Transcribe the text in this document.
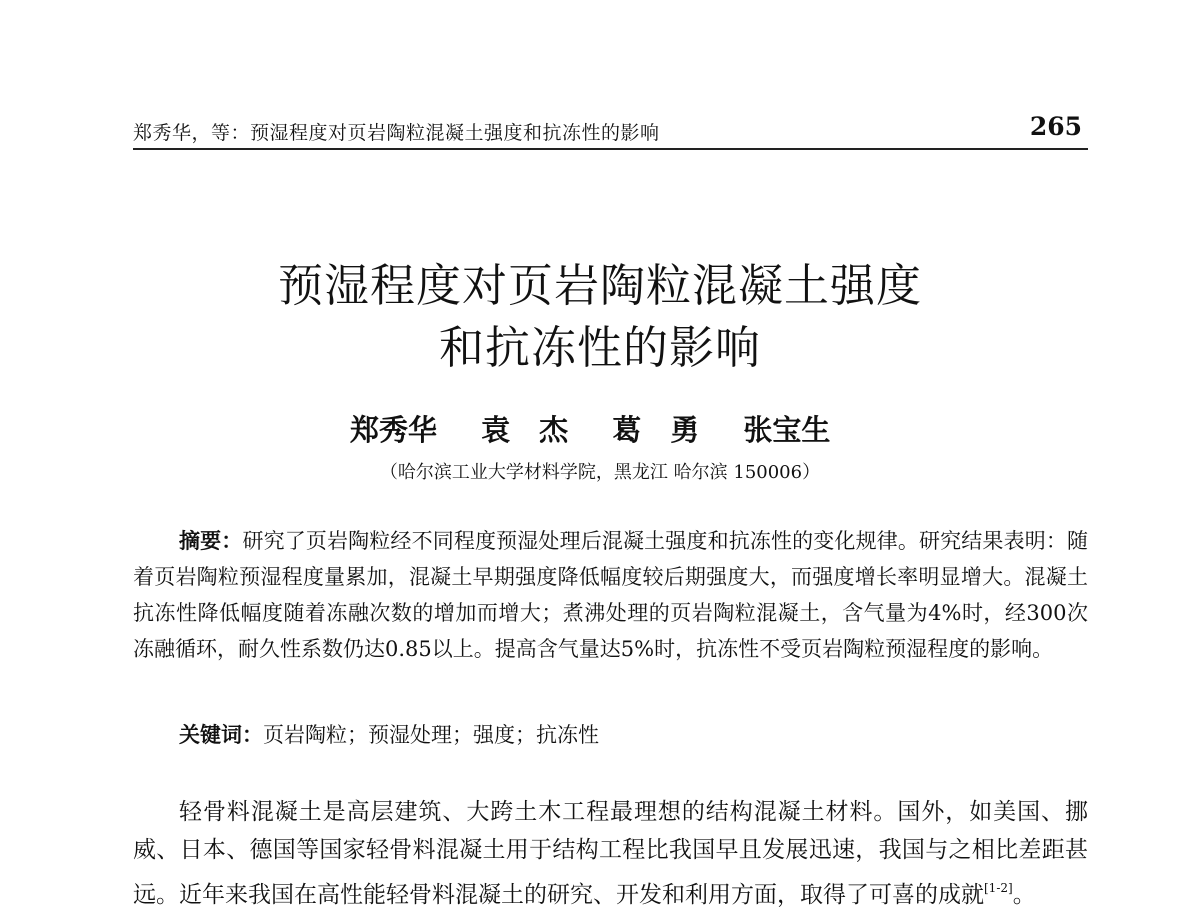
郑秀华，等：预湿程度对页岩陶粒混凝土强度和抗冻性的影响	265
预湿程度对页岩陶粒混凝土强度
和抗冻性的影响
郑秀华 袁　杰 葛　勇 张宝生
（哈尔滨工业大学材料学院，黑龙江 哈尔滨 150006）

摘要：研究了页岩陶粒经不同程度预湿处理后混凝土强度和抗冻性的变化规律。研究结果表明：随着页岩陶粒预湿程度量累加，混凝土早期强度降低幅度较后期强度大，而强度增长率明显增大。混凝土抗冻性降低幅度随着冻融次数的增加而增大；煮沸处理的页岩陶粒混凝土，含气量为4%时，经300次冻融循环，耐久性系数仍达0.85以上。提高含气量达5%时，抗冻性不受页岩陶粒预湿程度的影响。

关键词：页岩陶粒；预湿处理；强度；抗冻性

轻骨料混凝土是高层建筑、大跨土木工程最理想的结构混凝土材料。国外，如美国、挪威、日本、德国等国家轻骨料混凝土用于结构工程比我国早且发展迅速，我国与之相比差距甚远。近年来我国在高性能轻骨料混凝土的研究、开发和利用方面，取得了可喜的成就[1-2]。
